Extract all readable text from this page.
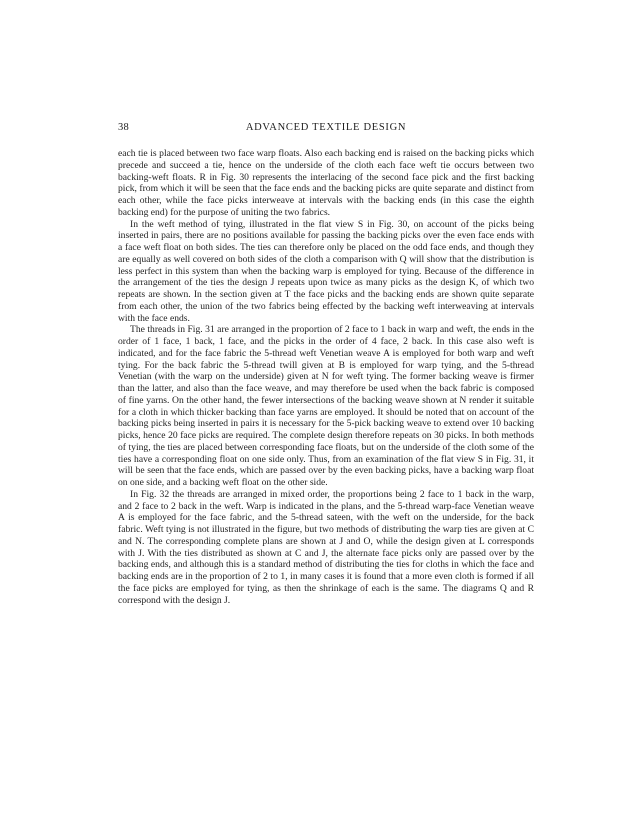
38	ADVANCED TEXTILE DESIGN

each tie is placed between two face warp floats. Also each backing end is raised on the backing picks which precede and succeed a tie, hence on the underside of the cloth each face weft tie occurs between two backing-weft floats. R in Fig. 30 represents the interlacing of the second face pick and the first backing pick, from which it will be seen that the face ends and the backing picks are quite separate and distinct from each other, while the face picks interweave at intervals with the backing ends (in this case the eighth backing end) for the purpose of uniting the two fabrics.

In the weft method of tying, illustrated in the flat view S in Fig. 30, on account of the picks being inserted in pairs, there are no positions available for passing the backing picks over the even face ends with a face weft float on both sides. The ties can therefore only be placed on the odd face ends, and though they are equally as well covered on both sides of the cloth a comparison with Q will show that the distribution is less perfect in this system than when the backing warp is employed for tying. Because of the difference in the arrangement of the ties the design J repeats upon twice as many picks as the design K, of which two repeats are shown. In the section given at T the face picks and the backing ends are shown quite separate from each other, the union of the two fabrics being effected by the backing weft interweaving at intervals with the face ends.

The threads in Fig. 31 are arranged in the proportion of 2 face to 1 back in warp and weft, the ends in the order of 1 face, 1 back, 1 face, and the picks in the order of 4 face, 2 back. In this case also weft is indicated, and for the face fabric the 5-thread weft Venetian weave A is employed for both warp and weft tying. For the back fabric the 5-thread twill given at B is employed for warp tying, and the 5-thread Venetian (with the warp on the underside) given at N for weft tying. The former backing weave is firmer than the latter, and also than the face weave, and may therefore be used when the back fabric is composed of fine yarns. On the other hand, the fewer intersections of the backing weave shown at N render it suitable for a cloth in which thicker backing than face yarns are employed. It should be noted that on account of the backing picks being inserted in pairs it is necessary for the 5-pick backing weave to extend over 10 backing picks, hence 20 face picks are required. The complete design therefore repeats on 30 picks. In both methods of tying, the ties are placed between corresponding face floats, but on the underside of the cloth some of the ties have a corresponding float on one side only. Thus, from an examination of the flat view S in Fig. 31, it will be seen that the face ends, which are passed over by the even backing picks, have a backing warp float on one side, and a backing weft float on the other side.

In Fig. 32 the threads are arranged in mixed order, the proportions being 2 face to 1 back in the warp, and 2 face to 2 back in the weft. Warp is indicated in the plans, and the 5-thread warp-face Venetian weave A is employed for the face fabric, and the 5-thread sateen, with the weft on the underside, for the back fabric. Weft tying is not illustrated in the figure, but two methods of distributing the warp ties are given at C and N. The corresponding complete plans are shown at J and O, while the design given at L corresponds with J. With the ties distributed as shown at C and J, the alternate face picks only are passed over by the backing ends, and although this is a standard method of distributing the ties for cloths in which the face and backing ends are in the proportion of 2 to 1, in many cases it is found that a more even cloth is formed if all the face picks are employed for tying, as then the shrinkage of each is the same. The diagrams Q and R correspond with the design J.
